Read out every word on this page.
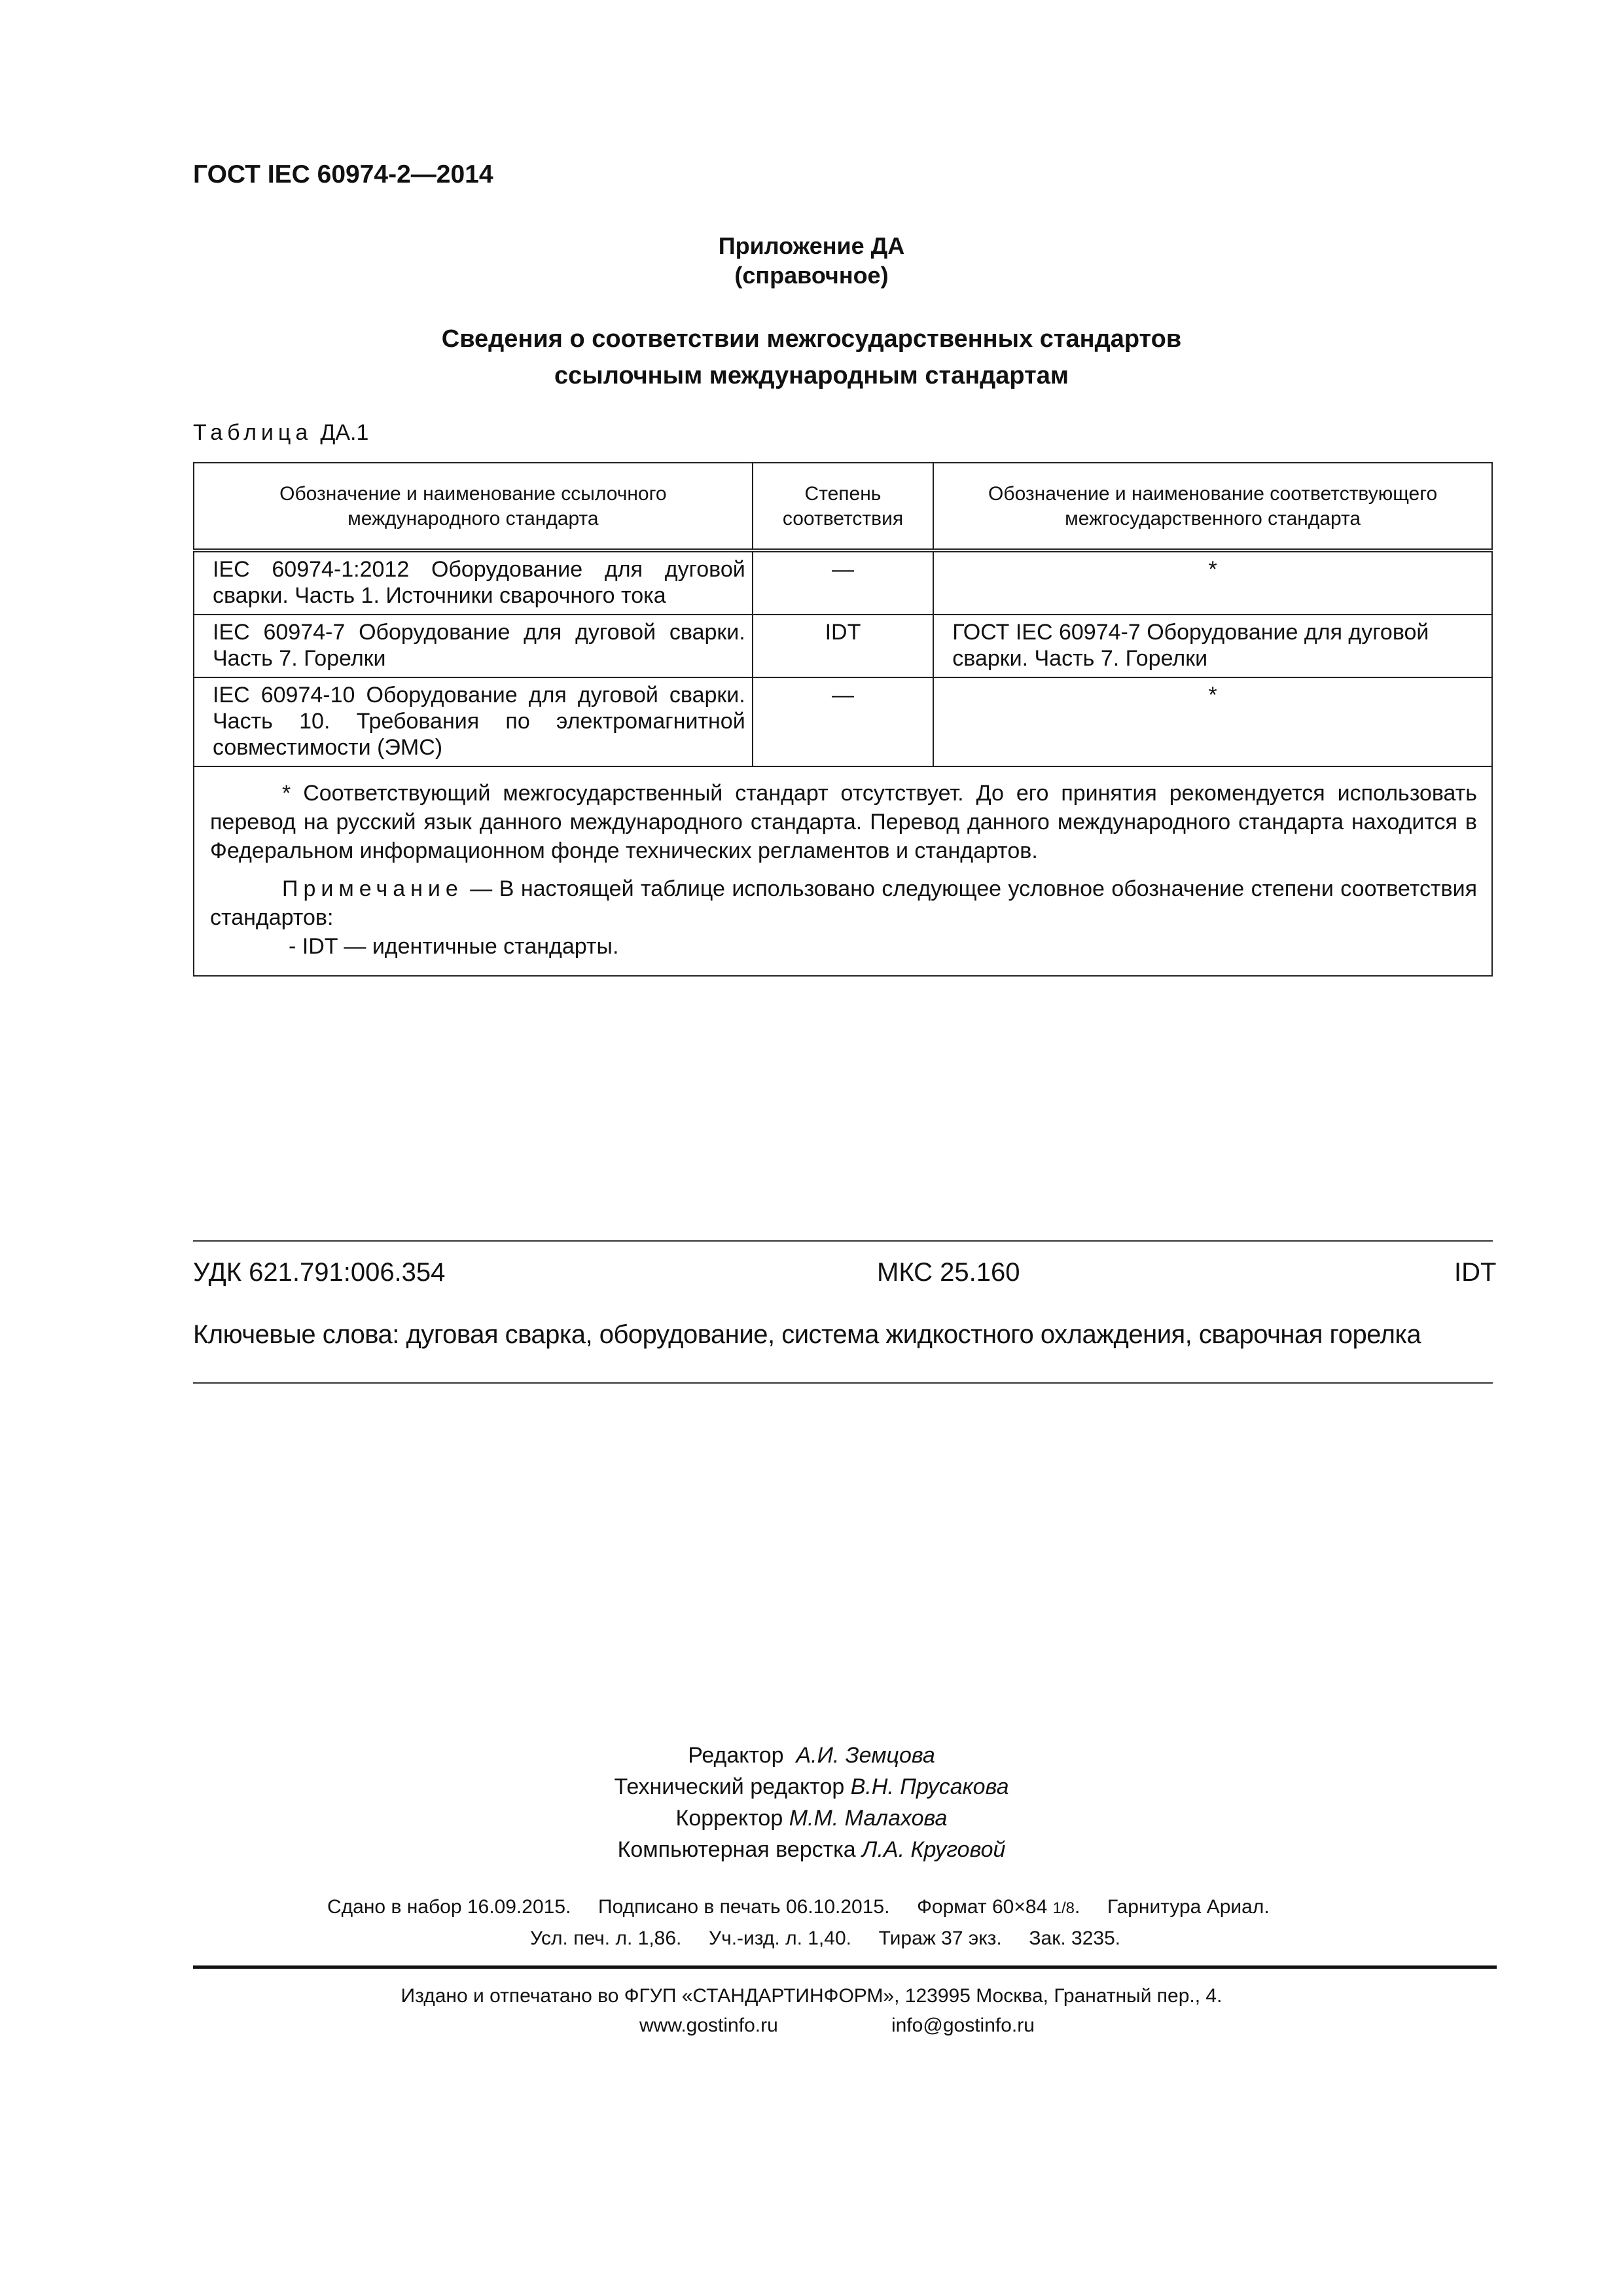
ГОСТ IEC 60974-2—2014
Приложение ДА
(справочное)
Сведения о соответствии межгосударственных стандартов
ссылочным международным стандартам
Таблица ДА.1
Обозначение и наименование ссылочного международного стандарта	Степень соответствия	Обозначение и наименование соответствующего межгосударственного стандарта
IEC 60974-1:2012 Оборудование для дуговой сварки. Часть 1. Источники сварочного тока	—	*
IEC 60974-7 Оборудование для дуговой сварки. Часть 7. Горелки	IDT	ГОСТ IEC 60974-7 Оборудование для дуговой сварки. Часть 7. Горелки
IEC 60974-10 Оборудование для дуговой сварки. Часть 10. Требования по электромагнитной совместимости (ЭМС)	—	*

* Соответствующий межгосударственный стандарт отсутствует. До его принятия рекомендуется использовать перевод на русский язык данного международного стандарта. Перевод данного международного стандарта находится в Федеральном информационном фонде технических регламентов и стандартов.

Примечание — В настоящей таблице использовано следующее условное обозначение степени соответствия стандартов:

- IDT — идентичные стандарты.		

УДК 621.791:006.354	МКС 25.160	IDT
Ключевые слова: дуговая сварка, оборудование, система жидкостного охлаждения, сварочная горелка
Редактор А.И. Земцова
Технический редактор В.Н. Прусакова
Корректор М.М. Малахова
Компьютерная верстка Л.А. Круговой
Сдано в набор 16.09.2015.     Подписано в печать 06.10.2015.     Формат 60×84 1/8.     Гарнитура Ариал.
Усл. печ. л. 1,86.     Уч.-изд. л. 1,40.     Тираж 37 экз.     Зак. 3235.
Издано и отпечатано во ФГУП «СТАНДАРТИНФОРМ», 123995 Москва, Гранатный пер., 4.
www.gostinfo.ru	info@gostinfo.ru
